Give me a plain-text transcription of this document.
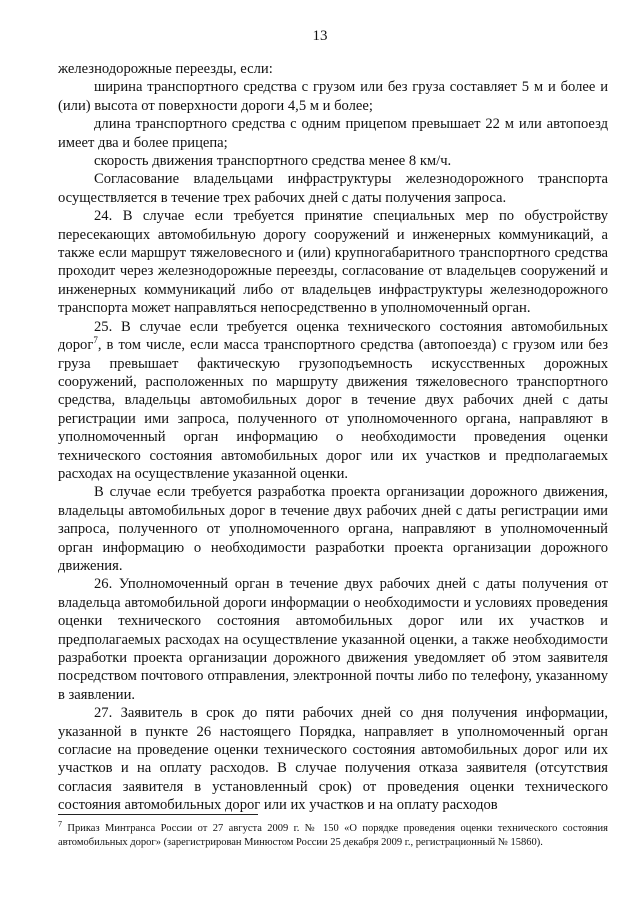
13

железнодорожные переезды, если:

ширина транспортного средства с грузом или без груза составляет 5 м и более и (или) высота от поверхности дороги 4,5 м и более;

длина транспортного средства с одним прицепом превышает 22 м или автопоезд имеет два и более прицепа;

скорость движения транспортного средства менее 8 км/ч.

Согласование владельцами инфраструктуры железнодорожного транспорта осуществляется в течение трех рабочих дней с даты получения запроса.

24. В случае если требуется принятие специальных мер по обустройству пересекающих автомобильную дорогу сооружений и инженерных коммуникаций, а также если маршрут тяжеловесного и (или) крупногабаритного транспортного средства проходит через железнодорожные переезды, согласование от владельцев сооружений и инженерных коммуникаций либо от владельцев инфраструктуры железнодорожного транспорта может направляться непосредственно в уполномоченный орган.

25. В случае если требуется оценка технического состояния автомобильных дорог$^7$, в том числе, если масса транспортного средства (автопоезда) с грузом или без груза превышает фактическую грузоподъемность искусственных дорожных сооружений, расположенных по маршруту движения тяжеловесного транспортного средства, владельцы автомобильных дорог в течение двух рабочих дней с даты регистрации ими запроса, полученного от уполномоченного органа, направляют в уполномоченный орган информацию о необходимости проведения оценки технического состояния автомобильных дорог или их участков и предполагаемых расходах на осуществление указанной оценки.

В случае если требуется разработка проекта организации дорожного движения, владельцы автомобильных дорог в течение двух рабочих дней с даты регистрации ими запроса, полученного от уполномоченного органа, направляют в уполномоченный орган информацию о необходимости разработки проекта организации дорожного движения.

26. Уполномоченный орган в течение двух рабочих дней с даты получения от владельца автомобильной дороги информации о необходимости и условиях проведения оценки технического состояния автомобильных дорог или их участков и предполагаемых расходах на осуществление указанной оценки, а также необходимости разработки проекта организации дорожного движения уведомляет об этом заявителя посредством почтового отправления, электронной почты либо по телефону, указанному в заявлении.

27. Заявитель в срок до пяти рабочих дней со дня получения информации, указанной в пункте 26 настоящего Порядка, направляет в уполномоченный орган согласие на проведение оценки технического состояния автомобильных дорог или их участков и на оплату расходов. В случае получения отказа заявителя (отсутствия согласия заявителя в установленный срок) от проведения оценки технического состояния автомобильных дорог или их участков и на оплату расходов

$^7$ Приказ Минтранса России от 27 августа 2009 г. № 150 «О порядке проведения оценки технического состояния автомобильных дорог» (зарегистрирован Минюстом России 25 декабря 2009 г., регистрационный № 15860).
